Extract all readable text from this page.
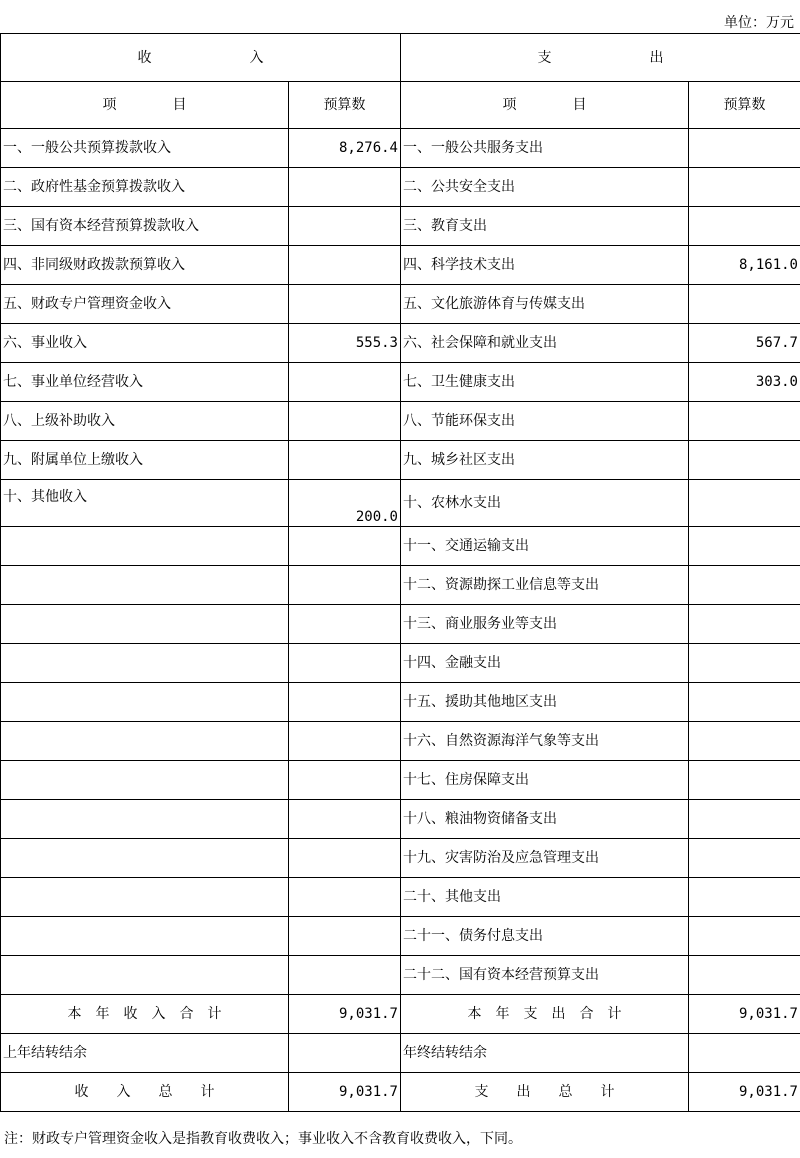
单位：万元
收　　　　　　　入		支　　　　　　　出	
项　　　　目	预算数	项　　　　目	预算数
一、一般公共预算拨款收入	8,276.4	一、一般公共服务支出	
二、政府性基金预算拨款收入		二、公共安全支出	
三、国有资本经营预算拨款收入		三、教育支出	
四、非同级财政拨款预算收入		四、科学技术支出	8,161.0
五、财政专户管理资金收入		五、文化旅游体育与传媒支出	
六、事业收入	555.3	六、社会保障和就业支出	567.7
七、事业单位经营收入		七、卫生健康支出	303.0
八、上级补助收入		八、节能环保支出	
九、附属单位上缴收入		九、城乡社区支出	
十、其他收入	200.0	十、农林水支出	
		十一、交通运输支出	
		十二、资源勘探工业信息等支出	
		十三、商业服务业等支出	
		十四、金融支出	
		十五、援助其他地区支出	
		十六、自然资源海洋气象等支出	
		十七、住房保障支出	
		十八、粮油物资储备支出	
		十九、灾害防治及应急管理支出	
		二十、其他支出	
		二十一、债务付息支出	
		二十二、国有资本经营预算支出	
本　年　收　入　合　计	9,031.7	本　年　支　出　合　计	9,031.7
上年结转结余		年终结转结余	
收　　入　　总　　计	9,031.7	支　　出　　总　　计	9,031.7
注：财政专户管理资金收入是指教育收费收入；事业收入不含教育收费收入，下同。
